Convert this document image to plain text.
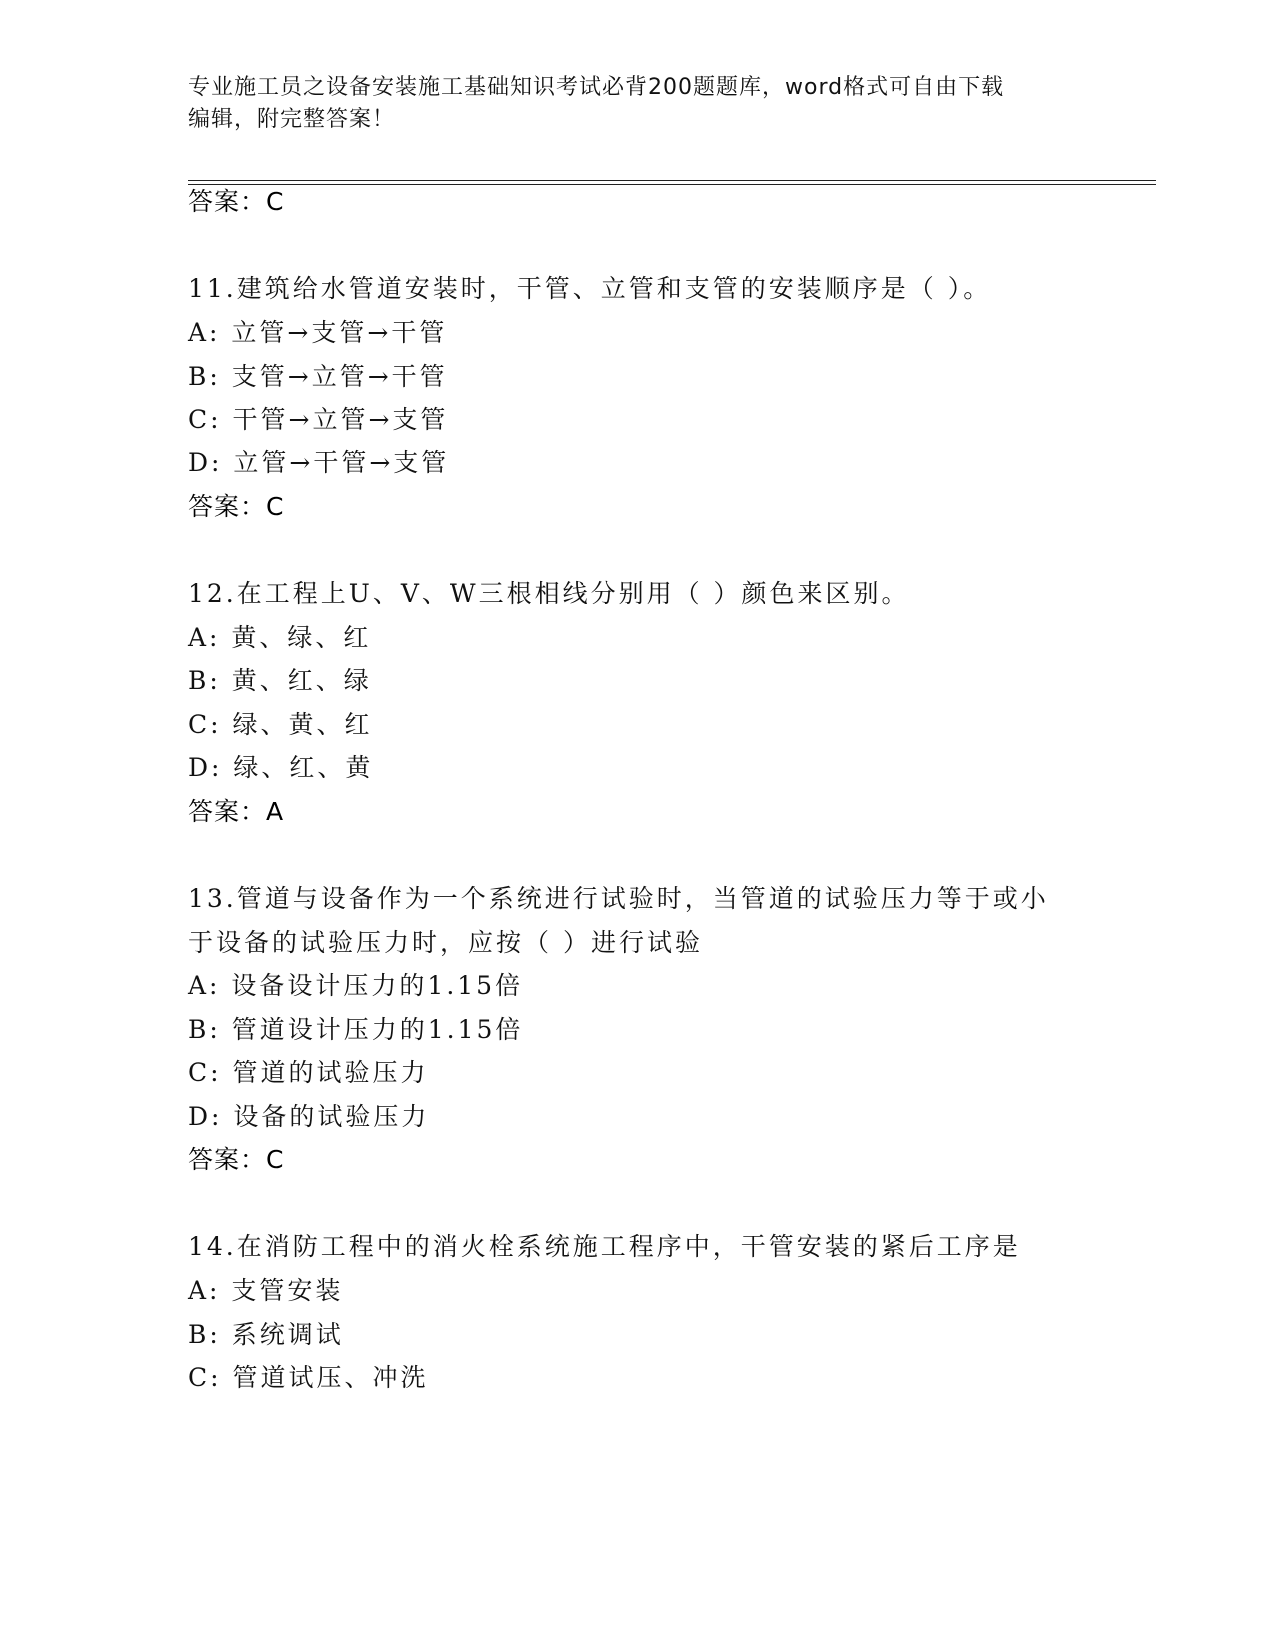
专业施工员之设备安装施工基础知识考试必背200题题库，word格式可自由下载
编辑，附完整答案！
答案：C
11.建筑给水管道安装时，干管、立管和支管的安装顺序是（ ）。
A: 立管→支管→干管
B: 支管→立管→干管
C: 干管→立管→支管
D: 立管→干管→支管
答案：C
12.在工程上U、V、W三根相线分别用（ ）颜色来区别。
A: 黄、绿、红
B: 黄、红、绿
C: 绿、黄、红
D: 绿、红、黄
答案：A
13.管道与设备作为一个系统进行试验时，当管道的试验压力等于或小
于设备的试验压力时，应按（ ）进行试验
A: 设备设计压力的1.15倍
B: 管道设计压力的1.15倍
C: 管道的试验压力
D: 设备的试验压力
答案：C
14.在消防工程中的消火栓系统施工程序中，干管安装的紧后工序是
A: 支管安装
B: 系统调试
C: 管道试压、冲洗
